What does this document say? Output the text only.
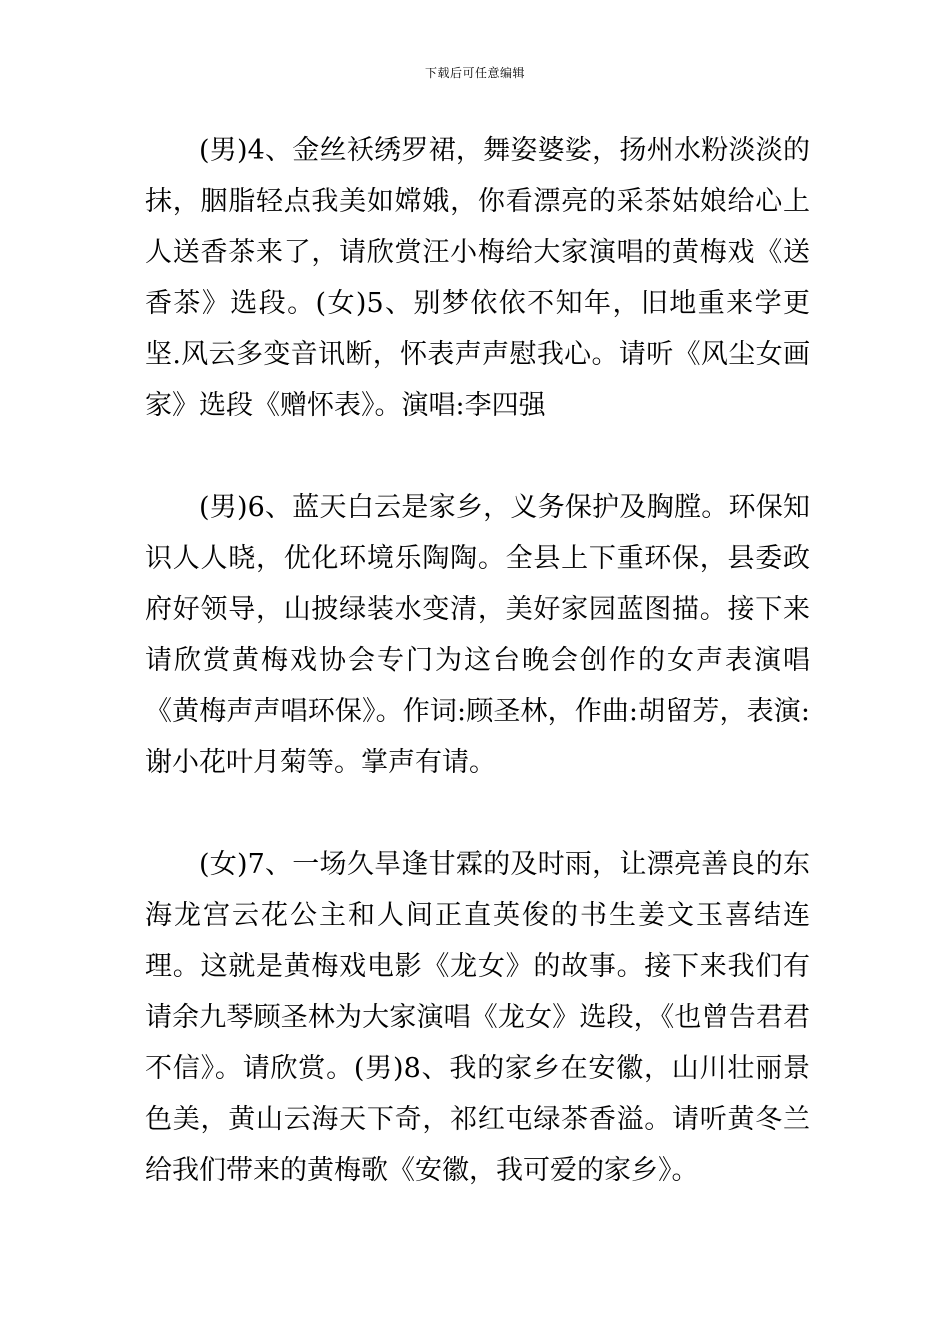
下载后可任意编辑

(男)4、金丝袄绣罗裙，舞姿婆娑，扬州水粉淡淡的抹，胭脂轻点我美如嫦娥，你看漂亮的采茶姑娘给心上人送香茶来了，请欣赏汪小梅给大家演唱的黄梅戏《送香茶》选段。(女)5、别梦依依不知年，旧地重来学更坚.风云多变音讯断，怀表声声慰我心。请听《风尘女画家》选段《赠怀表》。演唱:李四强

(男)6、蓝天白云是家乡，义务保护及胸膛。环保知识人人晓，优化环境乐陶陶。全县上下重环保，县委政府好领导，山披绿装水变清，美好家园蓝图描。接下来请欣赏黄梅戏协会专门为这台晚会创作的女声表演唱《黄梅声声唱环保》。作词:顾圣林，作曲:胡留芳，表演:谢小花叶月菊等。掌声有请。

(女)7、一场久旱逢甘霖的及时雨，让漂亮善良的东海龙宫云花公主和人间正直英俊的书生姜文玉喜结连理。这就是黄梅戏电影《龙女》的故事。接下来我们有请余九琴顾圣林为大家演唱《龙女》选段，《也曾告君君不信》。请欣赏。(男)8、我的家乡在安徽，山川壮丽景色美，黄山云海天下奇，祁红屯绿茶香溢。请听黄冬兰给我们带来的黄梅歌《安徽，我可爱的家乡》。
